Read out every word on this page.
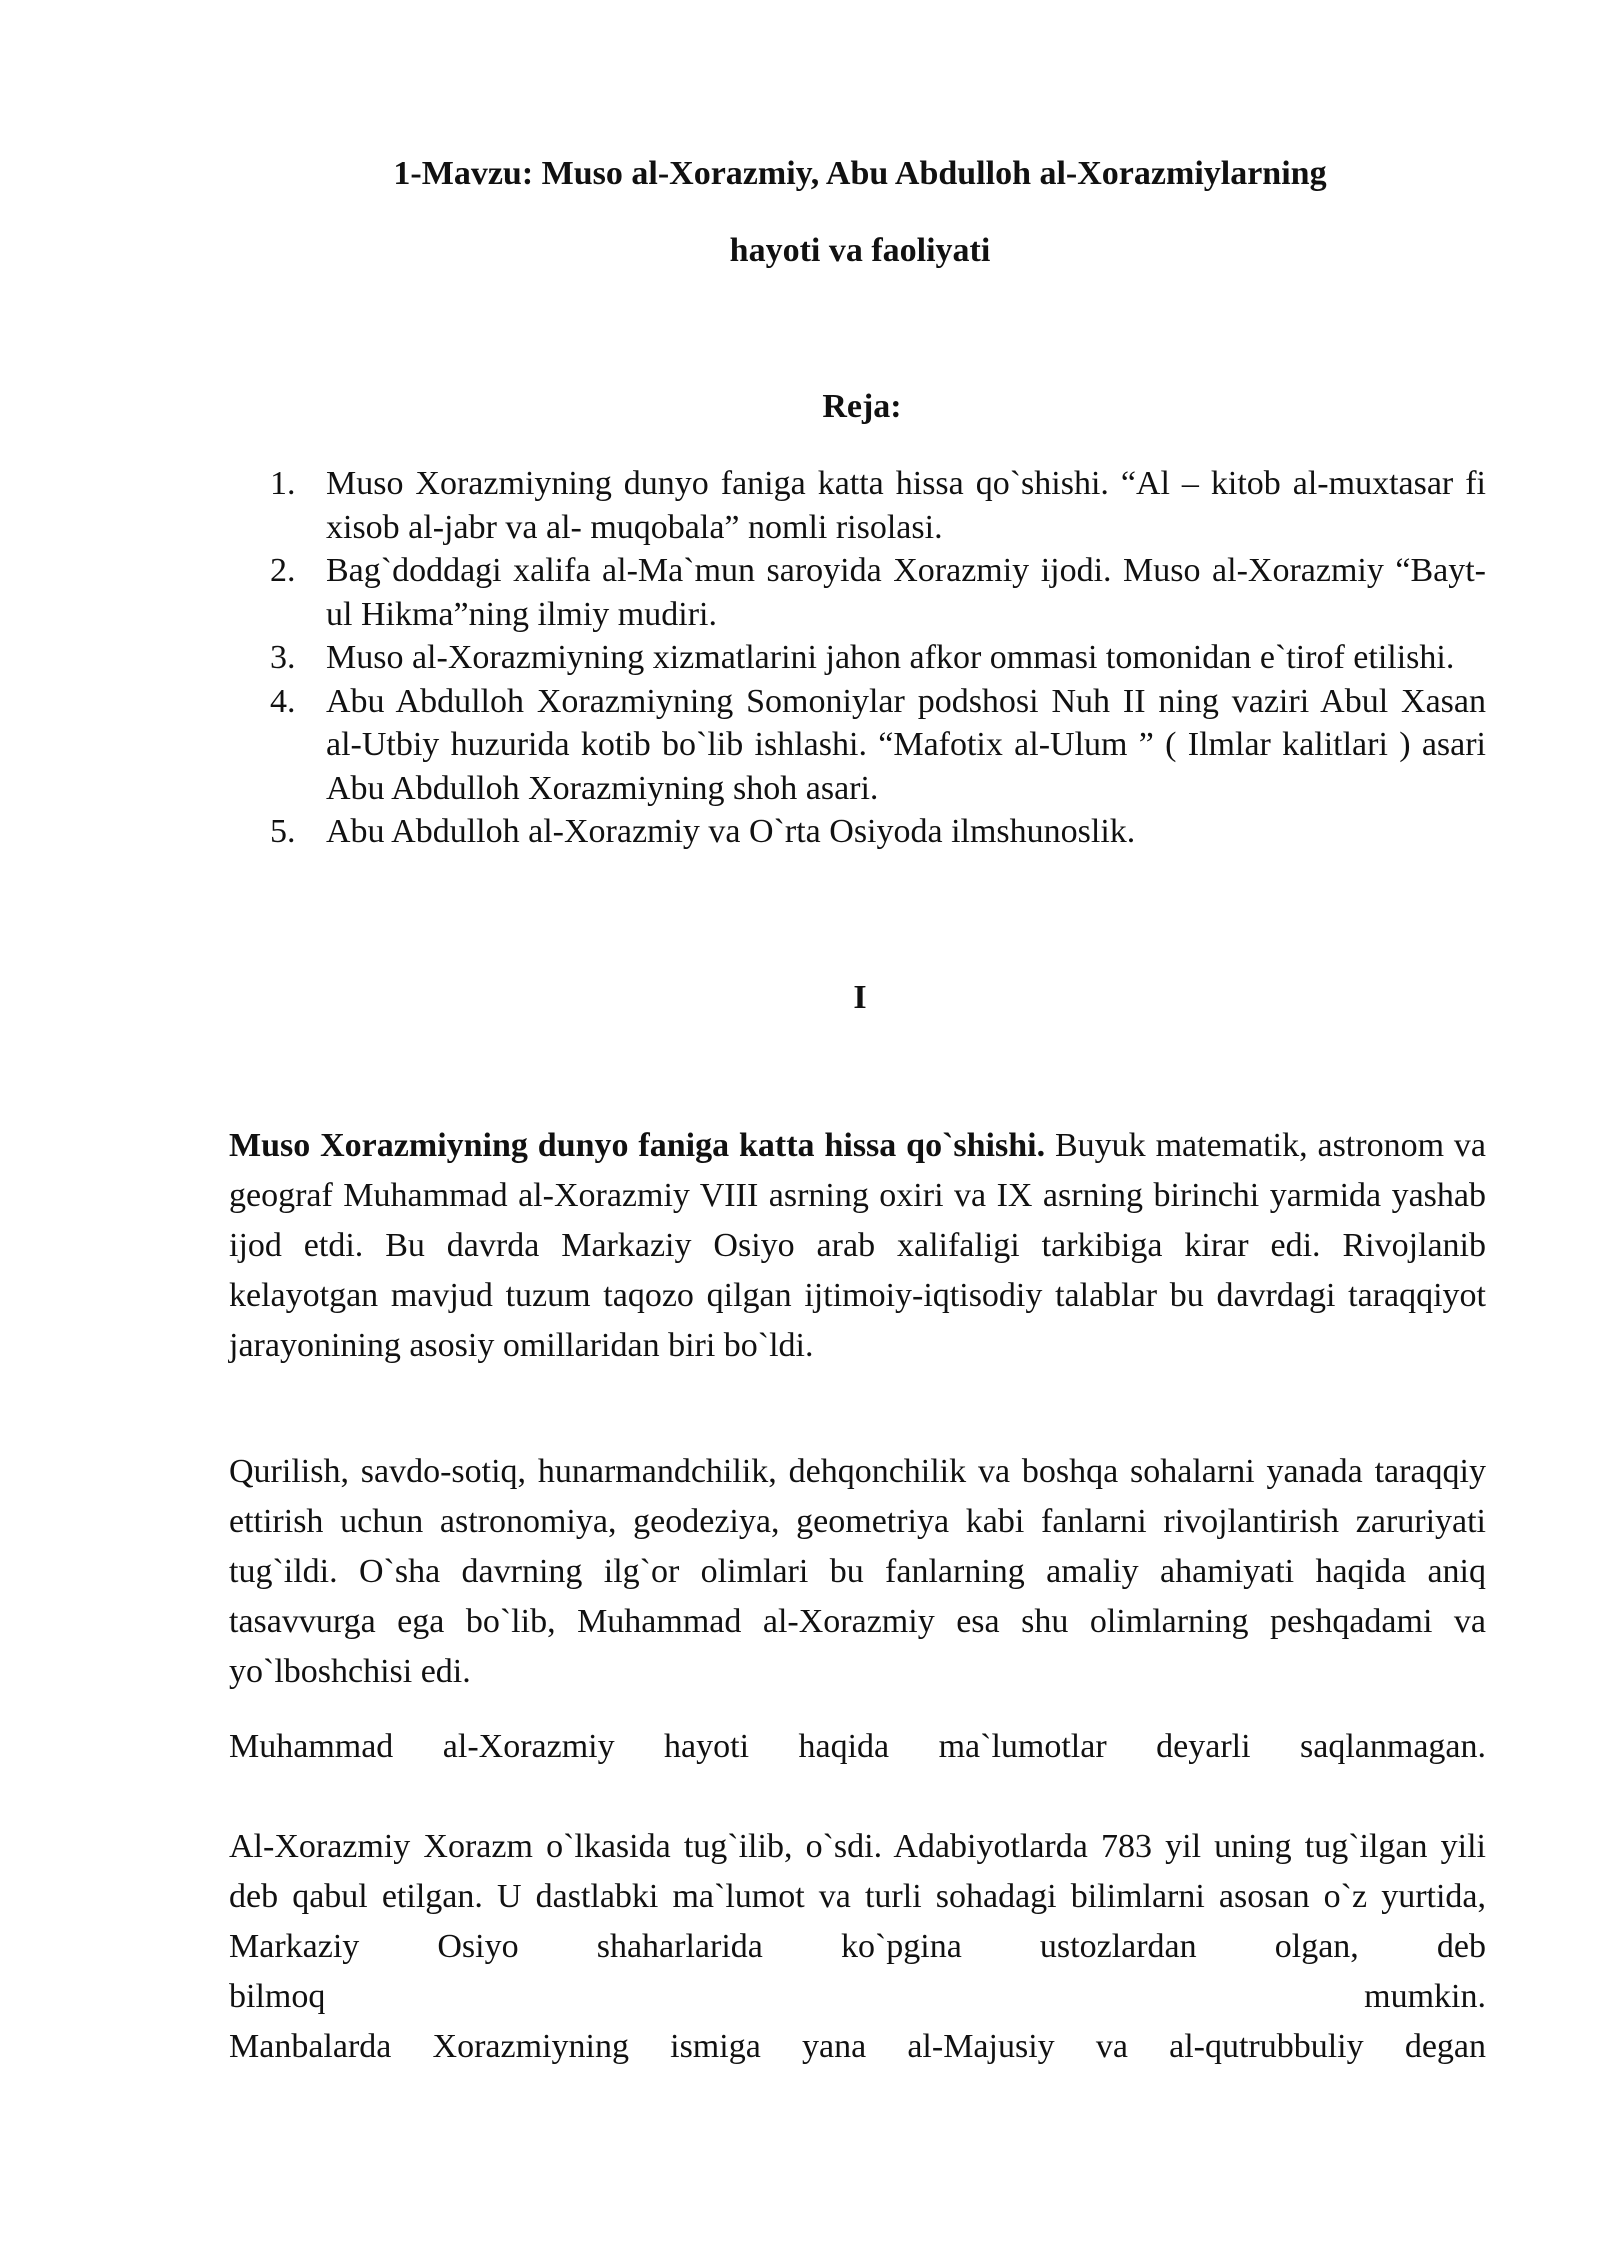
1-Mavzu: Muso al-Xorazmiy, Abu Abdulloh al-Xorazmiylarning
hayoti va faoliyati
Reja:
1. Muso Xorazmiyning dunyo faniga katta hissa qo`shishi. “Al – kitob al-muxtasar fi xisob al-jabr va al- muqobala” nomli risolasi.
2. Bag`doddagi xalifa al-Ma`mun saroyida Xorazmiy ijodi. Muso al-Xorazmiy “Bayt-ul Hikma”ning ilmiy mudiri.
3. Muso al-Xorazmiyning xizmatlarini jahon afkor ommasi tomonidan e`tirof etilishi.
4. Abu Abdulloh Xorazmiyning Somoniylar podshosi Nuh II ning vaziri Abul Xasan al-Utbiy huzurida kotib bo`lib ishlashi. “Mafotix al-Ulum ” ( Ilmlar kalitlari ) asari Abu Abdulloh Xorazmiyning shoh asari.
5. Abu Abdulloh al-Xorazmiy va O`rta Osiyoda ilmshunoslik.
I

Muso Xorazmiyning dunyo faniga katta hissa qo`shishi. Buyuk matematik, astronom va geograf Muhammad al-Xorazmiy VIII asrning oxiri va IX asrning birinchi yarmida yashab ijod etdi. Bu davrda Markaziy Osiyo arab xalifaligi tarkibiga kirar edi. Rivojlanib kelayotgan mavjud tuzum taqozo qilgan ijtimoiy-iqtisodiy talablar bu davrdagi taraqqiyot jarayonining asosiy omillaridan biri bo`ldi.

Qurilish, savdo-sotiq, hunarmandchilik, dehqonchilik va boshqa sohalarni yanada taraqqiy ettirish uchun astronomiya, geodeziya, geometriya kabi fanlarni rivojlantirish zaruriyati tug`ildi. O`sha davrning ilg`or olimlari bu fanlarning amaliy ahamiyati haqida aniq tasavvurga ega bo`lib, Muhammad al-Xorazmiy esa shu olimlarning peshqadami va yo`lboshchisi edi.

Muhammad al-Xorazmiy hayoti haqida ma`lumotlar deyarli saqlanmagan.

Al-Xorazmiy Xorazm o`lkasida tug`ilib, o`sdi. Adabiyotlarda 783 yil uning tug`ilgan yili deb qabul etilgan. U dastlabki ma`lumot va turli sohadagi bilimlarni asosan o`z yurtida, Markaziy Osiyo shaharlarida ko`pgina ustozlardan olgan, deb
bilmoq	mumkin.
Manbalarda Xorazmiyning ismiga yana al-Majusiy va al-qutrubbuliy degan
